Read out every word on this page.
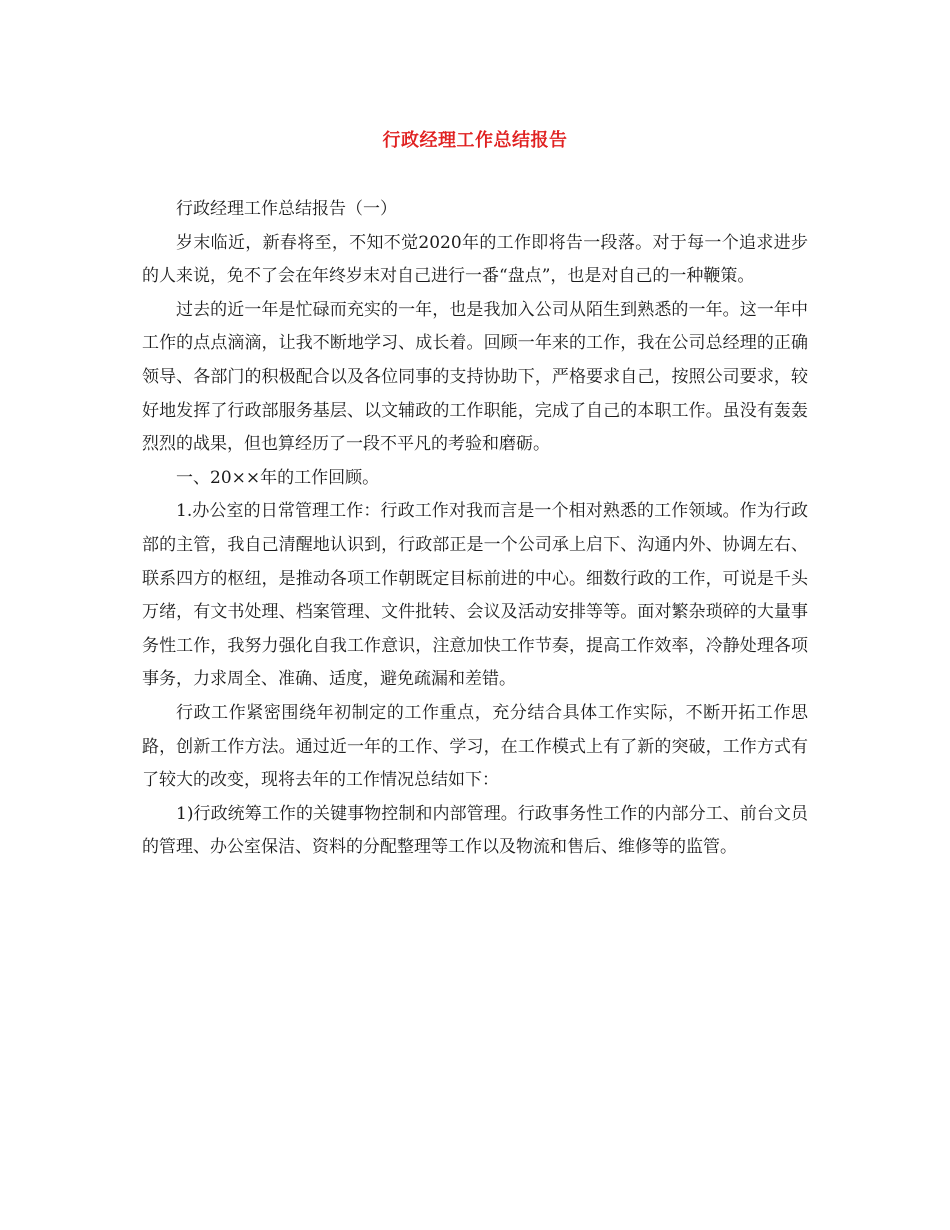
行政经理工作总结报告

行政经理工作总结报告（一）

岁末临近，新春将至，不知不觉2020年的工作即将告一段落。对于每一个追求进步的人来说，免不了会在年终岁末对自己进行一番“盘点”，也是对自己的一种鞭策。

过去的近一年是忙碌而充实的一年，也是我加入公司从陌生到熟悉的一年。这一年中工作的点点滴滴，让我不断地学习、成长着。回顾一年来的工作，我在公司总经理的正确领导、各部门的积极配合以及各位同事的支持协助下，严格要求自己，按照公司要求，较好地发挥了行政部服务基层、以文辅政的工作职能，完成了自己的本职工作。虽没有轰轰烈烈的战果，但也算经历了一段不平凡的考验和磨砺。

一、20××年的工作回顾。

1.办公室的日常管理工作：行政工作对我而言是一个相对熟悉的工作领域。作为行政部的主管，我自己清醒地认识到，行政部正是一个公司承上启下、沟通内外、协调左右、联系四方的枢纽，是推动各项工作朝既定目标前进的中心。细数行政的工作，可说是千头万绪，有文书处理、档案管理、文件批转、会议及活动安排等等。面对繁杂琐碎的大量事务性工作，我努力强化自我工作意识，注意加快工作节奏，提高工作效率，冷静处理各项事务，力求周全、准确、适度，避免疏漏和差错。

行政工作紧密围绕年初制定的工作重点，充分结合具体工作实际，不断开拓工作思路，创新工作方法。通过近一年的工作、学习，在工作模式上有了新的突破，工作方式有了较大的改变，现将去年的工作情况总结如下：

1)行政统筹工作的关键事物控制和内部管理。行政事务性工作的内部分工、前台文员的管理、办公室保洁、资料的分配整理等工作以及物流和售后、维修等的监管。
